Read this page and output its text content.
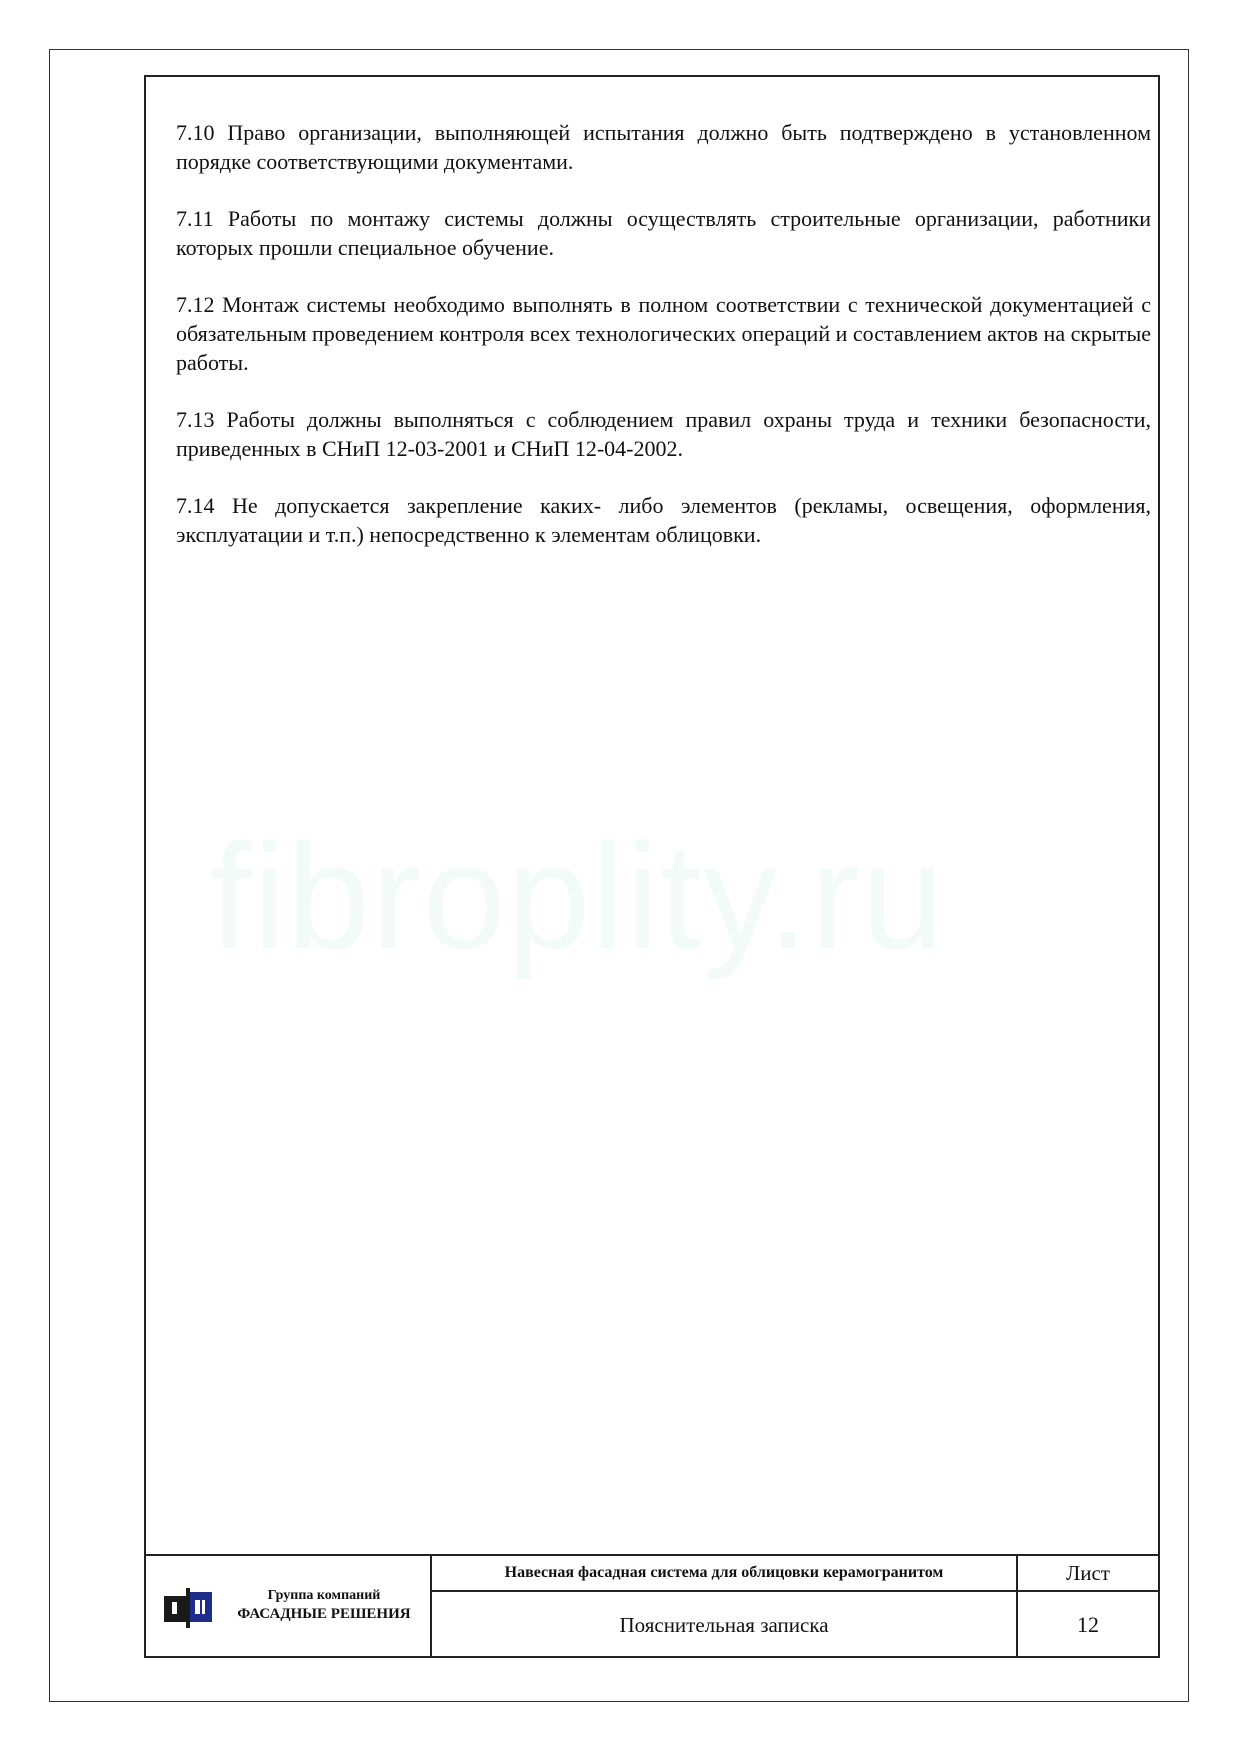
fibroplity.ru

7.10 Право организации, выполняющей испытания должно быть подтверждено в установленном порядке соответствующими документами.

7.11 Работы по монтажу системы должны осуществлять строительные организации, работники которых прошли специальное обучение.

7.12 Монтаж системы необходимо выполнять в полном соответствии с технической документацией с обязательным проведением контроля всех технологических операций и составлением актов на скрытые работы.

7.13 Работы должны выполняться с соблюдением правил охраны труда и техники безопасности, приведенных в СНиП 12-03-2001 и СНиП 12-04-2002.

7.14 Не допускается закрепление каких- либо элементов (рекламы, освещения, оформления, эксплуатации и т.п.) непосредственно к элементам облицовки.

Группа компаний
ФАСАДНЫЕ РЕШЕНИЯ
Навесная фасадная система для облицовки керамогранитом	Лист
Пояснительная записка	12
